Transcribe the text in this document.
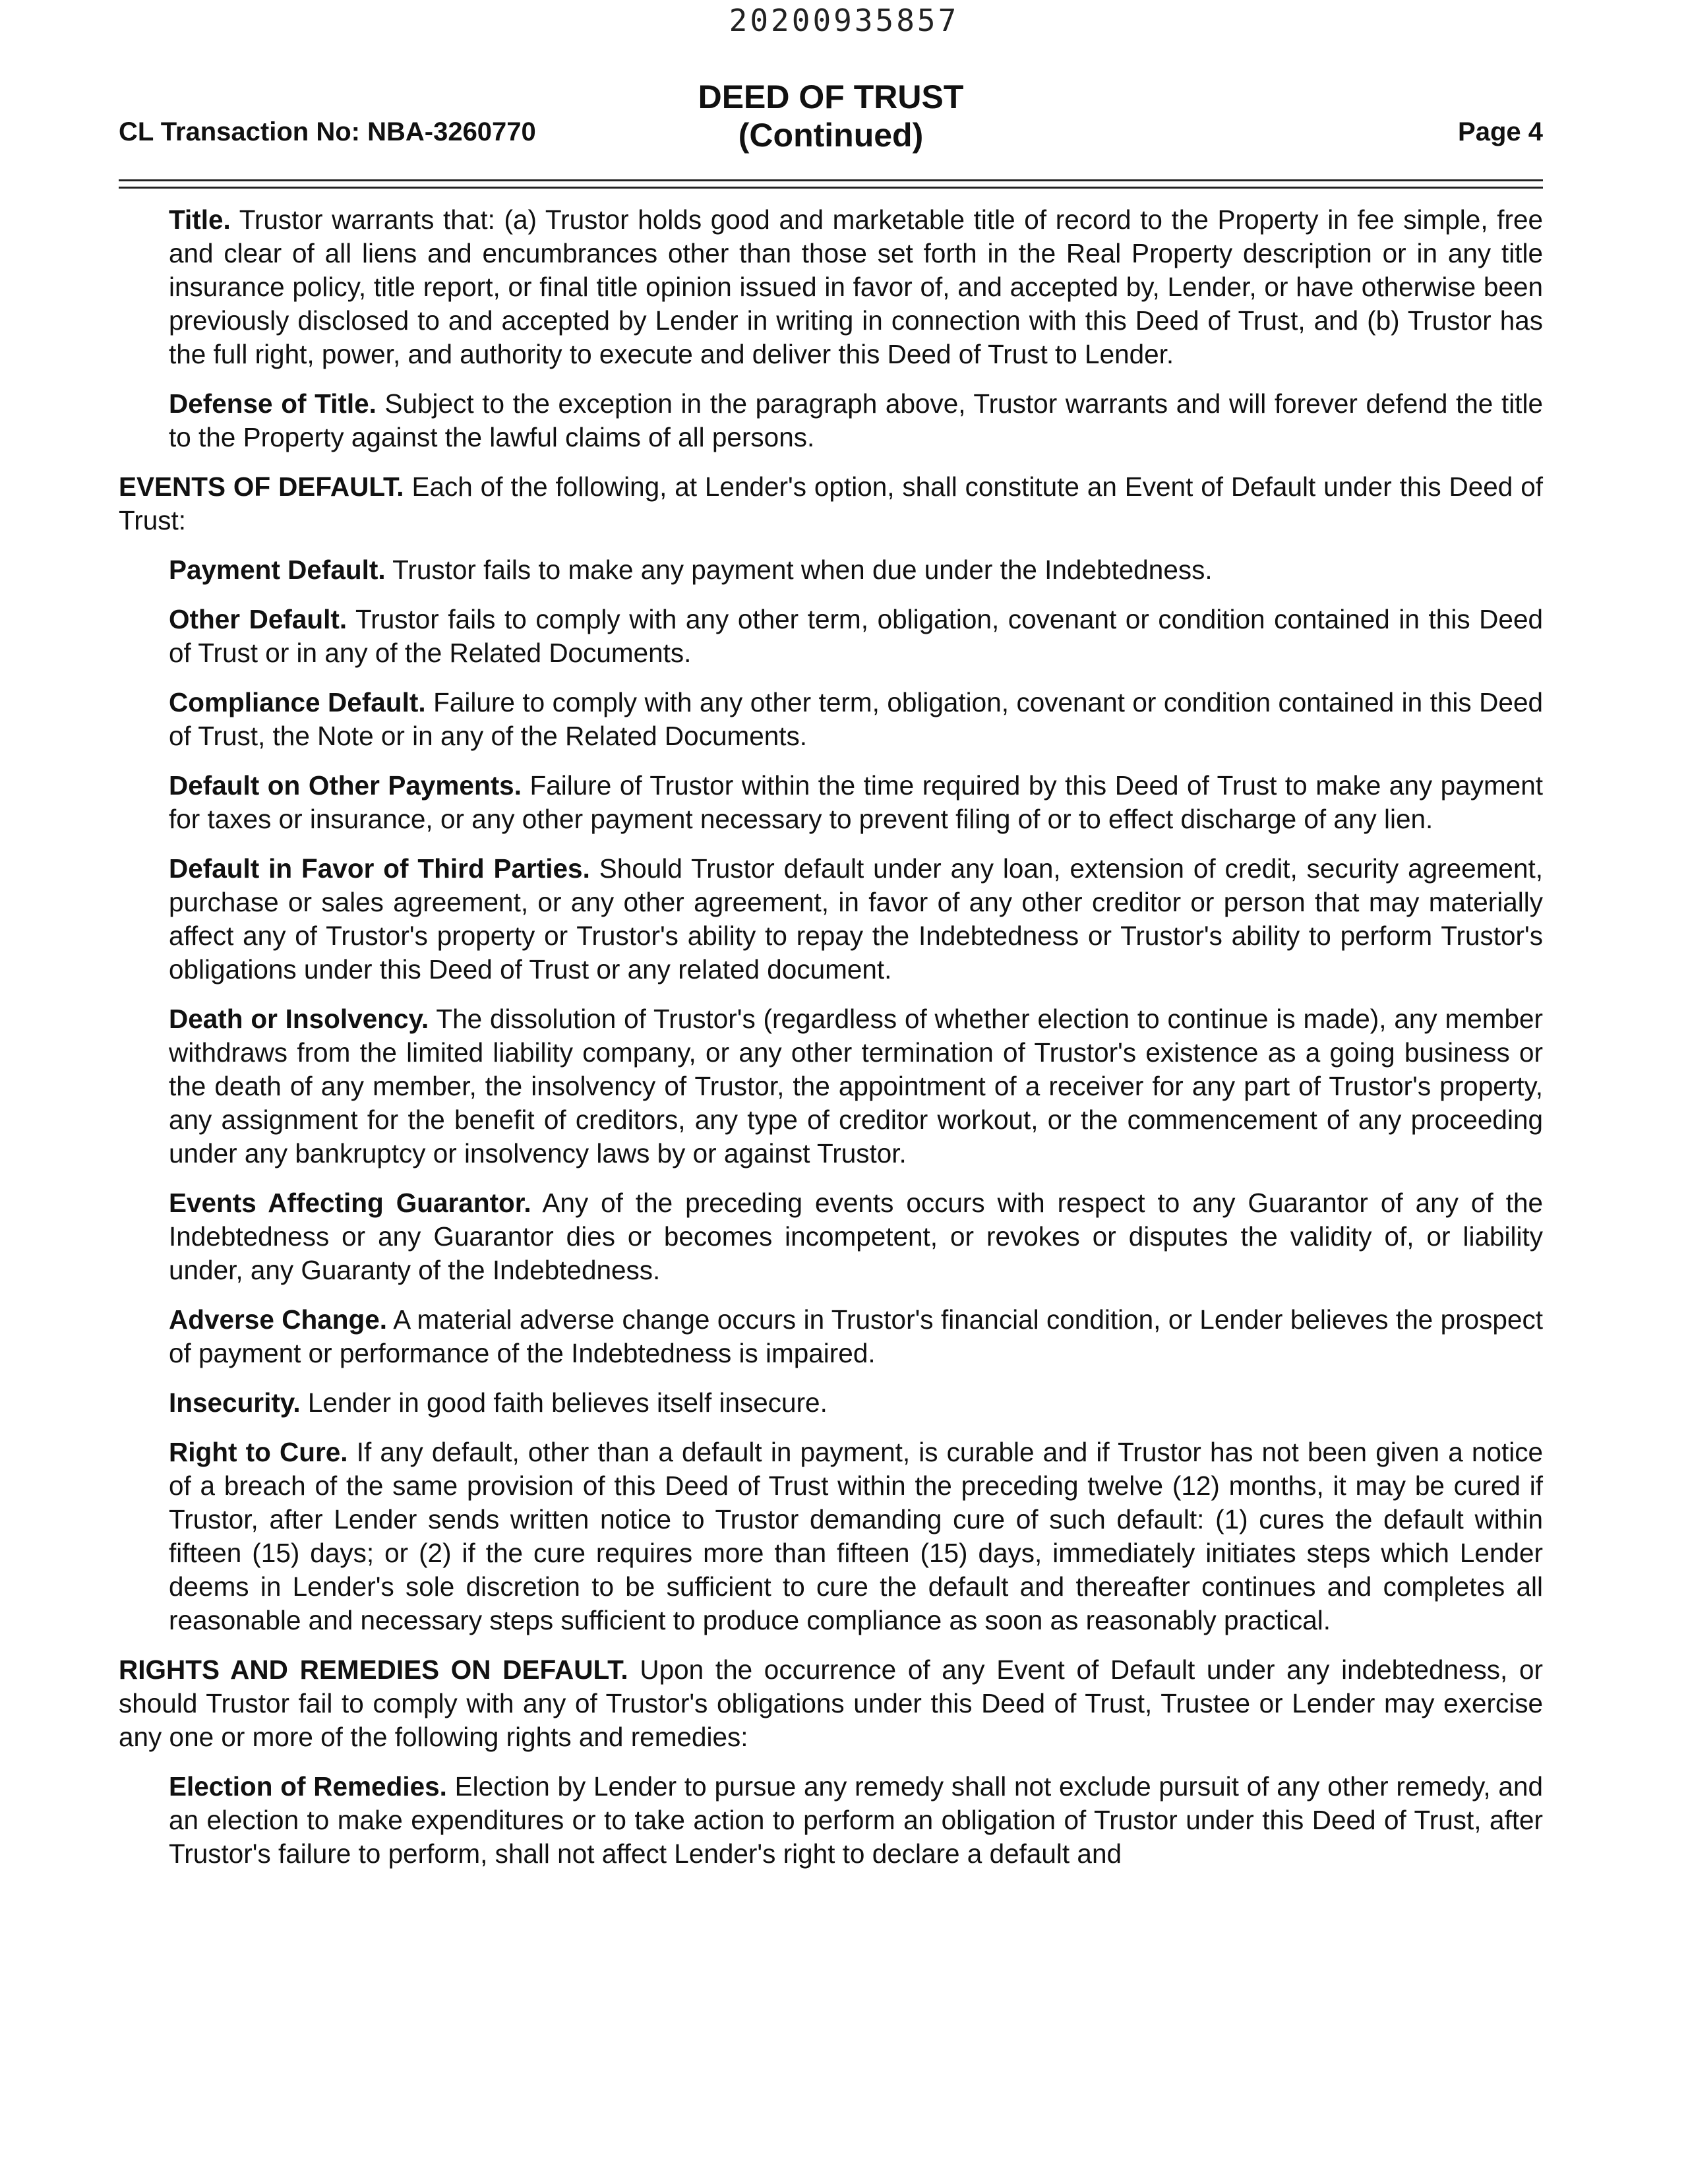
20200935857
CL Transaction No: NBA-3260770
DEED OF TRUST
(Continued)	Page 4

Title. Trustor warrants that: (a) Trustor holds good and marketable title of record to the Property in fee simple, free and clear of all liens and encumbrances other than those set forth in the Real Property description or in any title insurance policy, title report, or final title opinion issued in favor of, and accepted by, Lender, or have otherwise been previously disclosed to and accepted by Lender in writing in connection with this Deed of Trust, and (b) Trustor has the full right, power, and authority to execute and deliver this Deed of Trust to Lender.

Defense of Title. Subject to the exception in the paragraph above, Trustor warrants and will forever defend the title to the Property against the lawful claims of all persons.

EVENTS OF DEFAULT. Each of the following, at Lender's option, shall constitute an Event of Default under this Deed of Trust:

Payment Default. Trustor fails to make any payment when due under the Indebtedness.

Other Default. Trustor fails to comply with any other term, obligation, covenant or condition contained in this Deed of Trust or in any of the Related Documents.

Compliance Default. Failure to comply with any other term, obligation, covenant or condition contained in this Deed of Trust, the Note or in any of the Related Documents.

Default on Other Payments. Failure of Trustor within the time required by this Deed of Trust to make any payment for taxes or insurance, or any other payment necessary to prevent filing of or to effect discharge of any lien.

Default in Favor of Third Parties. Should Trustor default under any loan, extension of credit, security agreement, purchase or sales agreement, or any other agreement, in favor of any other creditor or person that may materially affect any of Trustor's property or Trustor's ability to repay the Indebtedness or Trustor's ability to perform Trustor's obligations under this Deed of Trust or any related document.

Death or Insolvency. The dissolution of Trustor's (regardless of whether election to continue is made), any member withdraws from the limited liability company, or any other termination of Trustor's existence as a going business or the death of any member, the insolvency of Trustor, the appointment of a receiver for any part of Trustor's property, any assignment for the benefit of creditors, any type of creditor workout, or the commencement of any proceeding under any bankruptcy or insolvency laws by or against Trustor.

Events Affecting Guarantor. Any of the preceding events occurs with respect to any Guarantor of any of the Indebtedness or any Guarantor dies or becomes incompetent, or revokes or disputes the validity of, or liability under, any Guaranty of the Indebtedness.

Adverse Change. A material adverse change occurs in Trustor's financial condition, or Lender believes the prospect of payment or performance of the Indebtedness is impaired.

Insecurity. Lender in good faith believes itself insecure.

Right to Cure. If any default, other than a default in payment, is curable and if Trustor has not been given a notice of a breach of the same provision of this Deed of Trust within the preceding twelve (12) months, it may be cured if Trustor, after Lender sends written notice to Trustor demanding cure of such default: (1) cures the default within fifteen (15) days; or (2) if the cure requires more than fifteen (15) days, immediately initiates steps which Lender deems in Lender's sole discretion to be sufficient to cure the default and thereafter continues and completes all reasonable and necessary steps sufficient to produce compliance as soon as reasonably practical.

RIGHTS AND REMEDIES ON DEFAULT. Upon the occurrence of any Event of Default under any indebtedness, or should Trustor fail to comply with any of Trustor's obligations under this Deed of Trust, Trustee or Lender may exercise any one or more of the following rights and remedies:

Election of Remedies. Election by Lender to pursue any remedy shall not exclude pursuit of any other remedy, and an election to make expenditures or to take action to perform an obligation of Trustor under this Deed of Trust, after Trustor's failure to perform, shall not affect Lender's right to declare a default and
